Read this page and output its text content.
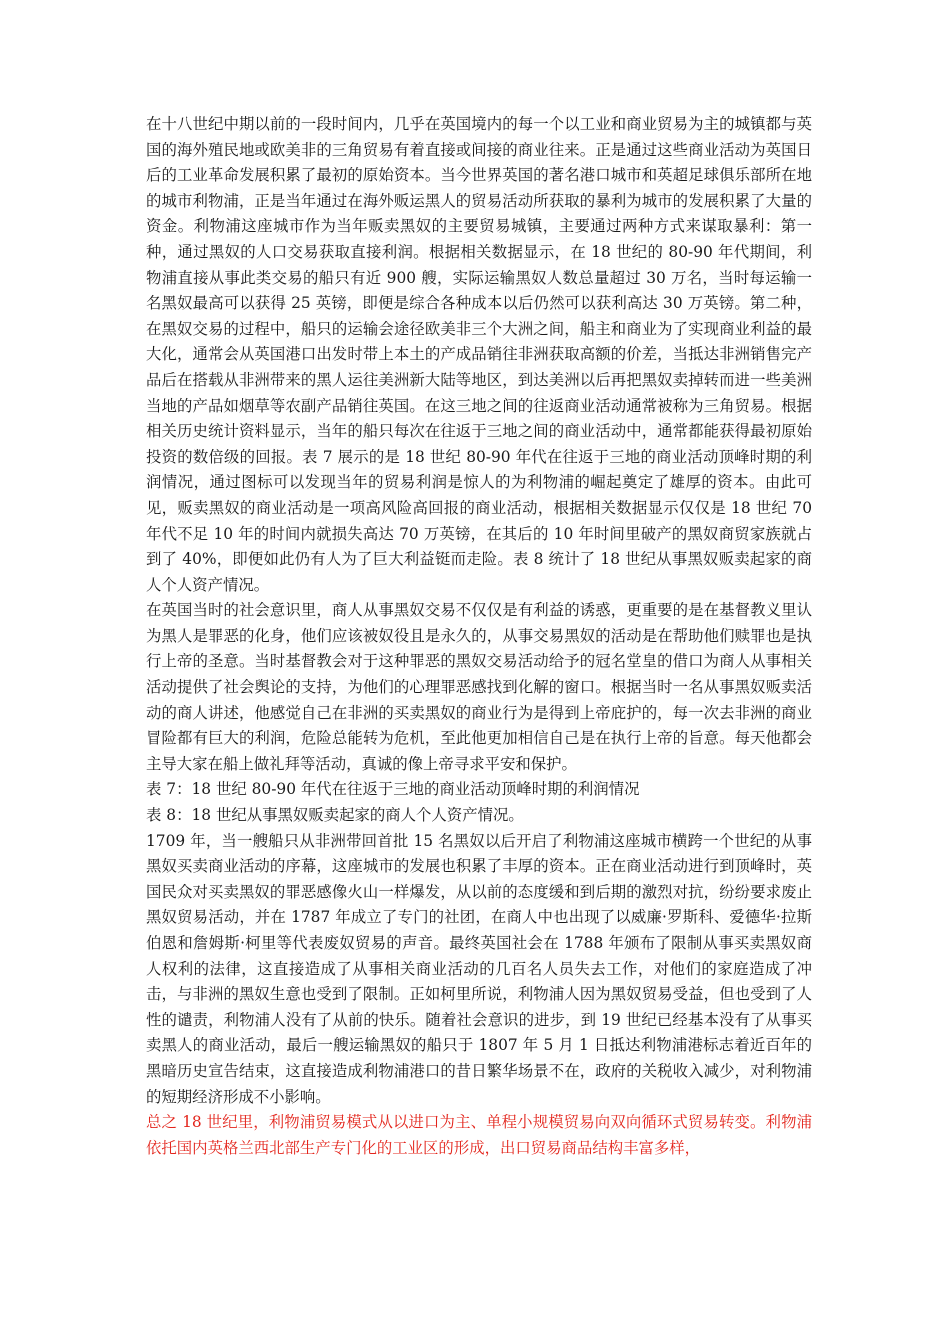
在十八世纪中期以前的一段时间内，几乎在英国境内的每一个以工业和商业贸易为主的城镇都与英国的海外殖民地或欧美非的三角贸易有着直接或间接的商业往来。正是通过这些商业活动为英国日后的工业革命发展积累了最初的原始资本。当今世界英国的著名港口城市和英超足球俱乐部所在地的城市利物浦，正是当年通过在海外贩运黑人的贸易活动所获取的暴利为城市的发展积累了大量的资金。利物浦这座城市作为当年贩卖黑奴的主要贸易城镇，主要通过两种方式来谋取暴利：第一种，通过黑奴的人口交易获取直接利润。根据相关数据显示，在 18 世纪的 80-90 年代期间，利物浦直接从事此类交易的船只有近 900 艘，实际运输黑奴人数总量超过 30 万名，当时每运输一名黑奴最高可以获得 25 英镑，即便是综合各种成本以后仍然可以获利高达 30 万英镑。第二种，在黑奴交易的过程中，船只的运输会途径欧美非三个大洲之间，船主和商业为了实现商业利益的最大化，通常会从英国港口出发时带上本土的产成品销往非洲获取高额的价差，当抵达非洲销售完产品后在搭载从非洲带来的黑人运往美洲新大陆等地区，到达美洲以后再把黑奴卖掉转而进一些美洲当地的产品如烟草等农副产品销往英国。在这三地之间的往返商业活动通常被称为三角贸易。根据相关历史统计资料显示，当年的船只每次在往返于三地之间的商业活动中，通常都能获得最初原始投资的数倍级的回报。表 7 展示的是 18 世纪 80-90 年代在往返于三地的商业活动顶峰时期的利润情况，通过图标可以发现当年的贸易利润是惊人的为利物浦的崛起奠定了雄厚的资本。由此可见，贩卖黑奴的商业活动是一项高风险高回报的商业活动，根据相关数据显示仅仅是 18 世纪 70 年代不足 10 年的时间内就损失高达 70 万英镑，在其后的 10 年时间里破产的黑奴商贸家族就占到了 40%，即便如此仍有人为了巨大利益铤而走险。表 8 统计了 18 世纪从事黑奴贩卖起家的商人个人资产情况。

在英国当时的社会意识里，商人从事黑奴交易不仅仅是有利益的诱惑，更重要的是在基督教义里认为黑人是罪恶的化身，他们应该被奴役且是永久的，从事交易黑奴的活动是在帮助他们赎罪也是执行上帝的圣意。当时基督教会对于这种罪恶的黑奴交易活动给予的冠名堂皇的借口为商人从事相关活动提供了社会舆论的支持，为他们的心理罪恶感找到化解的窗口。根据当时一名从事黑奴贩卖活动的商人讲述，他感觉自己在非洲的买卖黑奴的商业行为是得到上帝庇护的，每一次去非洲的商业冒险都有巨大的利润，危险总能转为危机，至此他更加相信自己是在执行上帝的旨意。每天他都会主导大家在船上做礼拜等活动，真诚的像上帝寻求平安和保护。

表 7：18 世纪 80-90 年代在往返于三地的商业活动顶峰时期的利润情况

表 8：18 世纪从事黑奴贩卖起家的商人个人资产情况。

1709 年，当一艘船只从非洲带回首批 15 名黑奴以后开启了利物浦这座城市横跨一个世纪的从事黑奴买卖商业活动的序幕，这座城市的发展也积累了丰厚的资本。正在商业活动进行到顶峰时，英国民众对买卖黑奴的罪恶感像火山一样爆发，从以前的态度缓和到后期的激烈对抗，纷纷要求废止黑奴贸易活动，并在 1787 年成立了专门的社团，在商人中也出现了以威廉·罗斯科、爱德华·拉斯伯恩和詹姆斯·柯里等代表废奴贸易的声音。最终英国社会在 1788 年颁布了限制从事买卖黑奴商人权利的法律，这直接造成了从事相关商业活动的几百名人员失去工作，对他们的家庭造成了冲击，与非洲的黑奴生意也受到了限制。正如柯里所说，利物浦人因为黑奴贸易受益，但也受到了人性的谴责，利物浦人没有了从前的快乐。随着社会意识的进步，到 19 世纪已经基本没有了从事买卖黑人的商业活动，最后一艘运输黑奴的船只于 1807 年 5 月 1 日抵达利物浦港标志着近百年的黑暗历史宣告结束，这直接造成利物浦港口的昔日繁华场景不在，政府的关税收入减少，对利物浦的短期经济形成不小影响。

总之 18 世纪里，利物浦贸易模式从以进口为主、单程小规模贸易向双向循环式贸易转变。利物浦依托国内英格兰西北部生产专门化的工业区的形成，出口贸易商品结构丰富多样，
